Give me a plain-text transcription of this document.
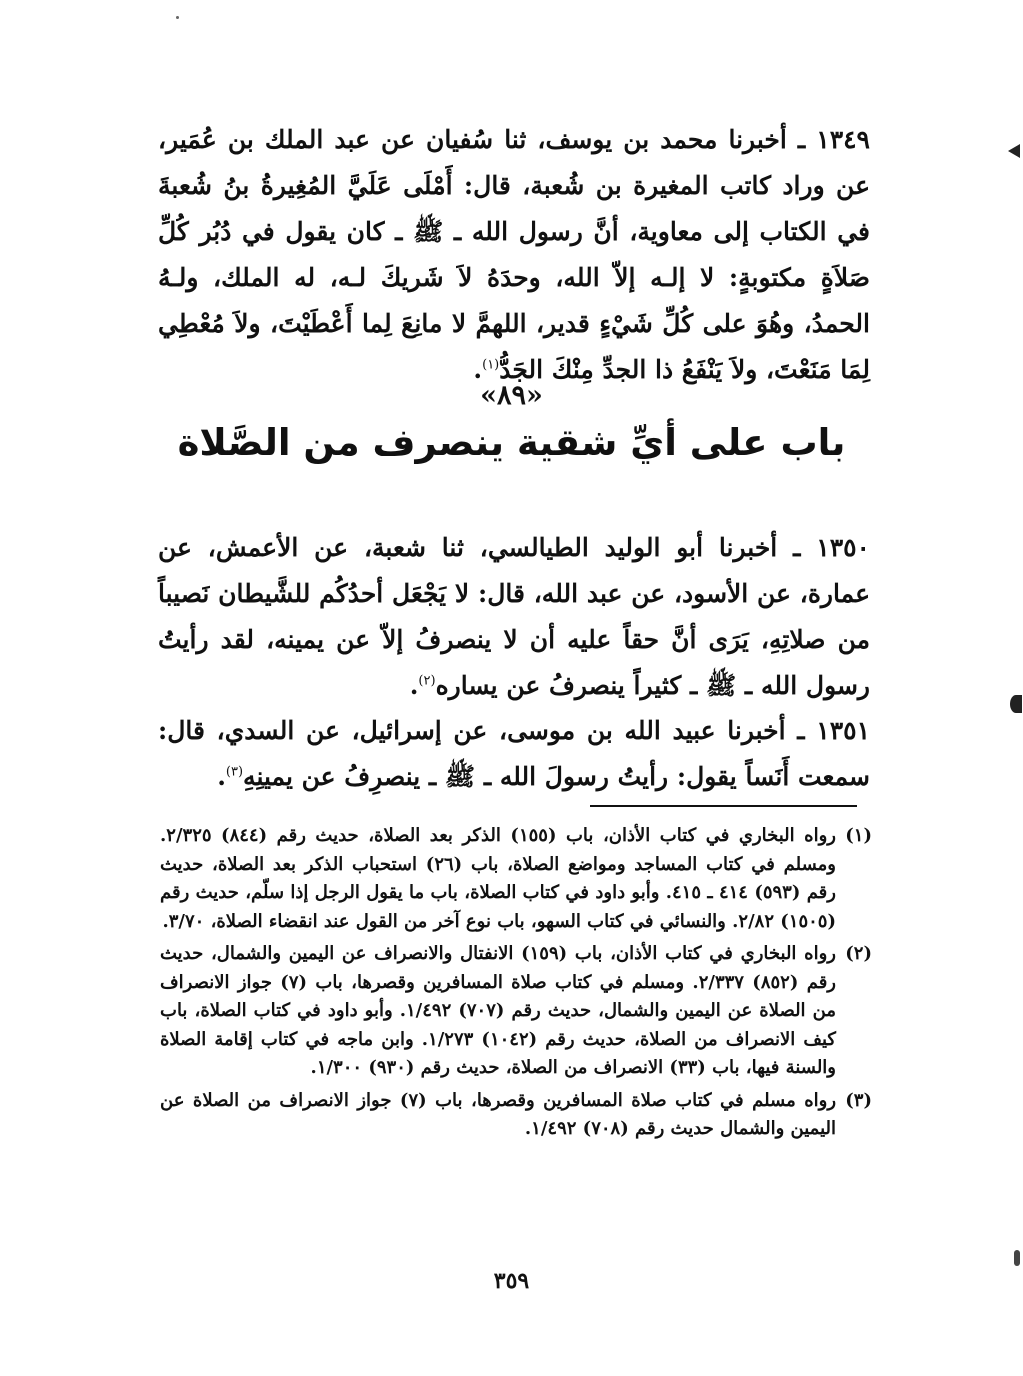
١٣٤٩ ـ أخبرنا محمد بن يوسف، ثنا سُفيان عن عبد الملك بن عُمَير، عن وراد كاتب المغيرة بن شُعبة، قال: أَمْلَى عَلَيَّ المُغِيرةُ بنُ شُعبةَ في الكتاب إلى معاوية، أنَّ رسول الله ـ ﷺ ـ كان يقول في دُبُر كُلِّ صَلاَةٍ مكتوبةٍ: لا إلـه إلاّ الله، وحدَهُ لاَ شَريكَ لـه، له الملك، ولـهُ الحمدُ، وهُوَ على كُلِّ شَيْءٍ قدير، اللهمَّ لا مانِعَ لِما أَعْطَيْتَ، ولاَ مُعْطِي لِمَا مَنَعْتَ، ولاَ يَنْفَعُ ذا الجدِّ مِنْكَ الجَدُّ$^{(١)}$.

«٨٩»
باب على أيِّ شقية ينصرف من الصَّلاة

١٣٥٠ ـ أخبرنا أبو الوليد الطيالسي، ثنا شعبة، عن الأعمش، عن عمارة، عن الأسود، عن عبد الله، قال: لا يَجْعَل أحدُكُم للشَّيطان نَصيباً من صلاتِهِ، يَرَى أنَّ حقاً عليه أن لا ينصرفُ إلاّ عن يمينه، لقد رأيتُ رسول الله ـ ﷺ ـ كثيراً ينصرفُ عن يساره$^{(٢)}$.

١٣٥١ ـ أخبرنا عبيد الله بن موسى، عن إسرائيل، عن السدي، قال: سمعت أَنَساً يقول: رأيتُ رسولَ الله ـ ﷺ ـ ينصرِفُ عن يمينِهِ$^{(٣)}$.

(١)
رواه البخاري في كتاب الأذان، باب (١٥٥) الذكر بعد الصلاة، حديث رقم (٨٤٤) ٢/٣٢٥. ومسلم في كتاب المساجد ومواضع الصلاة، باب (٢٦) استحباب الذكر بعد الصلاة، حديث رقم (٥٩٣) ٤١٤ ـ ٤١٥. وأبو داود في كتاب الصلاة، باب ما يقول الرجل إذا سلّم، حديث رقم (١٥٠٥) ٢/٨٢. والنسائي في كتاب السهو، باب نوع آخر من القول عند انقضاء الصلاة، ٣/٧٠.
(٢)
رواه البخاري في كتاب الأذان، باب (١٥٩) الانفتال والانصراف عن اليمين والشمال، حديث رقم (٨٥٢) ٢/٣٣٧. ومسلم في كتاب صلاة المسافرين وقصرها، باب (٧) جواز الانصراف من الصلاة عن اليمين والشمال، حديث رقم (٧٠٧) ١/٤٩٢. وأبو داود في كتاب الصلاة، باب كيف الانصراف من الصلاة، حديث رقم (١٠٤٢) ١/٢٧٣. وابن ماجه في كتاب إقامة الصلاة والسنة فيها، باب (٣٣) الانصراف من الصلاة، حديث رقم (٩٣٠) ١/٣٠٠.
(٣)
رواه مسلم في كتاب صلاة المسافرين وقصرها، باب (٧) جواز الانصراف من الصلاة عن اليمين والشمال حديث رقم (٧٠٨) ١/٤٩٢.
٣٥٩
